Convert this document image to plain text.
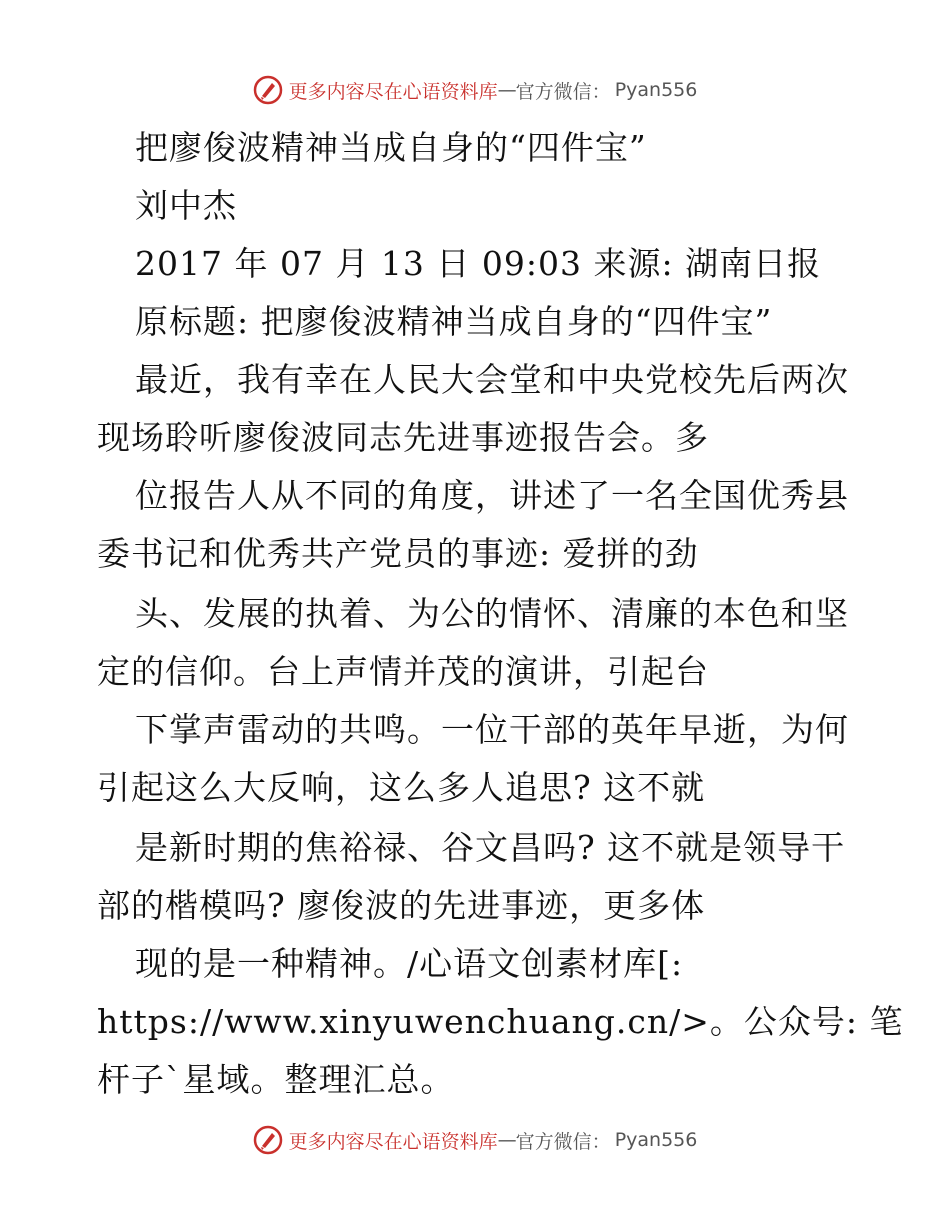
更多内容尽在心语资料库 — 官方微信： Pyan556
把廖俊波精神当成自身的“四件宝”
刘中杰
2017 年 07 月 13 日 09:03 来源: 湖南日报
原标题: 把廖俊波精神当成自身的“四件宝”
最近，我有幸在人民大会堂和中央党校先后两次
现场聆听廖俊波同志先进事迹报告会。多
位报告人从不同的角度，讲述了一名全国优秀县
委书记和优秀共产党员的事迹: 爱拼的劲
头、发展的执着、为公的情怀、清廉的本色和坚
定的信仰。台上声情并茂的演讲，引起台
下掌声雷动的共鸣。一位干部的英年早逝，为何
引起这么大反响，这么多人追思? 这不就
是新时期的焦裕禄、谷文昌吗? 这不就是领导干
部的楷模吗? 廖俊波的先进事迹，更多体
现的是一种精神。/心语文创素材库[:
https://www.xinyuwenchuang.cn/>。公众号: 笔
杆子`星域。整理汇总。
更多内容尽在心语资料库 — 官方微信： Pyan556
